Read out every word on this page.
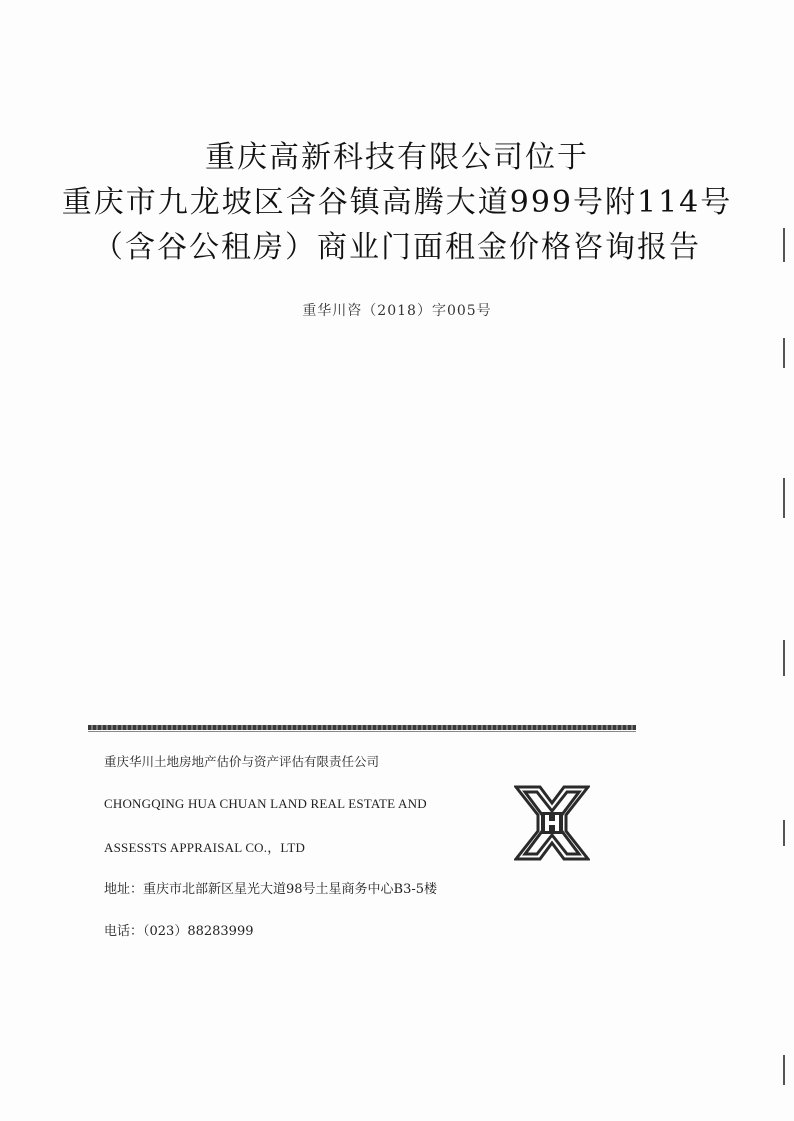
重庆高新科技有限公司位于
重庆市九龙坡区含谷镇高腾大道999号附114号
（含谷公租房）商业门面租金价格咨询报告
重华川咨（2018）字005号
重庆华川土地房地产估价与资产评估有限责任公司
CHONGQING HUA CHUAN LAND REAL ESTATE AND
ASSESSTS APPRAISAL CO.，LTD
地址：重庆市北部新区星光大道98号土星商务中心B3-5楼
电话：（023）88283999
